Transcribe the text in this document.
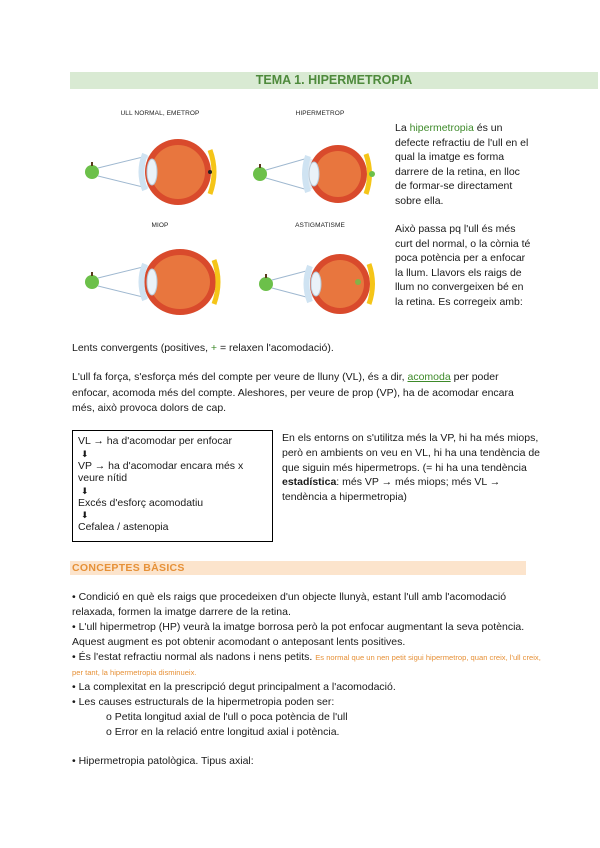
TEMA 1. HIPERMETROPIA
ULL NORMAL, EMETROP	HIPERMETROP
MIOP	ASTIGMATISME

La hipermetropia és un defecte refractiu de l'ull en el qual la imatge es forma darrere de la retina, en lloc de formar-se directament sobre ella.

Això passa pq l'ull és més curt del normal, o la còrnia té poca potència per a enfocar la llum. Llavors els raigs de llum no convergeixen bé en la retina. Es corregeix amb:

Lents convergents (positives, + = relaxen l'acomodació).
L'ull fa força, s'esforça més del compte per veure de lluny (VL), és a dir, acomoda per poder enfocar, acomoda més del compte. Aleshores, per veure de prop (VP), ha de acomodar encara més, això provoca dolors de cap.
VL → ha d'acomodar per enfocar
⬇
VP → ha d'acomodar encara més x veure nítid
⬇
Excés d'esforç acomodatiu
⬇
Cefalea / astenopia
En els entorns on s'utilitza més la VP, hi ha més miops, però en ambients on veu en VL, hi ha una tendència de que siguin més hipermetrops. (= hi ha una tendència estadística: més VP → més miops; més VL → tendència a hipermetropia)
CONCEPTES BÀSICS
• Condició en què els raigs que procedeixen d'un objecte llunyà, estant l'ull amb l'acomodació relaxada, formen la imatge darrere de la retina.
• L'ull hipermetrop (HP) veurà la imatge borrosa però la pot enfocar augmentant la seva potència. Aquest augment es pot obtenir acomodant o anteposant lents positives.
• És l'estat refractiu normal als nadons i nens petits. Es normal que un nen petit sigui hipermetrop, quan creix, l'ull creix, per tant, la hipermetropia disminueix.
• La complexitat en la prescripció degut principalment a l'acomodació.
• Les causes estructurals de la hipermetropia poden ser:
o Petita longitud axial de l'ull o poca potència de l'ull
o Error en la relació entre longitud axial i potència.
• Hipermetropia patològica. Tipus axial:
